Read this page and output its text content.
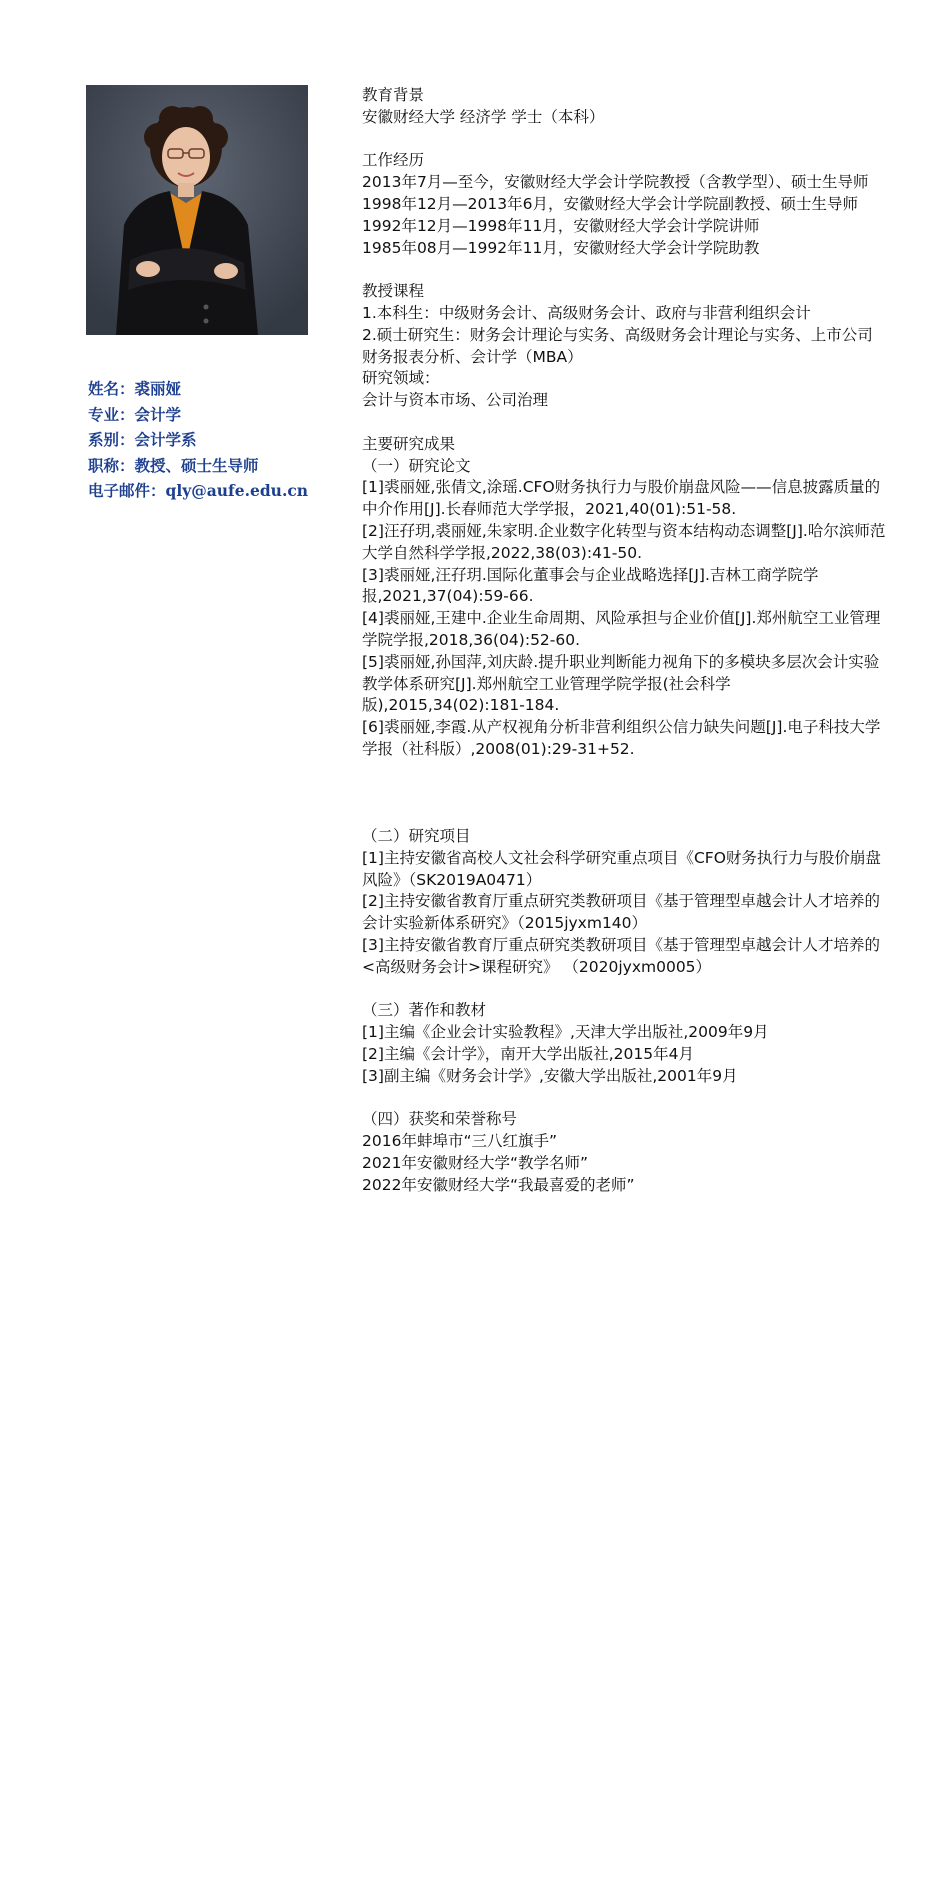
姓名：裘丽娅
专业：会计学
系别：会计学系
职称：教授、硕士生导师
电子邮件：qly@aufe.edu.cn
教育背景
安徽财经大学 经济学 学士（本科）
工作经历
2013年7月—至今，安徽财经大学会计学院教授（含教学型）、硕士生导师
1998年12月—2013年6月，安徽财经大学会计学院副教授、硕士生导师
1992年12月—1998年11月，安徽财经大学会计学院讲师
1985年08月—1992年11月，安徽财经大学会计学院助教
教授课程
1.本科生：中级财务会计、高级财务会计、政府与非营利组织会计
2.硕士研究生：财务会计理论与实务、高级财务会计理论与实务、上市公司财务报表分析、会计学（MBA）
研究领域：
会计与资本市场、公司治理
主要研究成果
（一）研究论文
[1]裘丽娅,张倩文,涂瑶.CFO财务执行力与股价崩盘风险——信息披露质量的中介作用[J].长春师范大学学报，2021,40(01):51-58.
[2]汪孖玥,裘丽娅,朱家明.企业数字化转型与资本结构动态调整[J].哈尔滨师范大学自然科学学报,2022,38(03):41-50.
[3]裘丽娅,汪孖玥.国际化董事会与企业战略选择[J].吉林工商学院学报,2021,37(04):59-66.
[4]裘丽娅,王建中.企业生命周期、风险承担与企业价值[J].郑州航空工业管理学院学报,2018,36(04):52-60.
[5]裘丽娅,孙国萍,刘庆龄.提升职业判断能力视角下的多模块多层次会计实验教学体系研究[J].郑州航空工业管理学院学报(社会科学版),2015,34(02):181-184.
[6]裘丽娅,李霞.从产权视角分析非营利组织公信力缺失问题[J].电子科技大学学报（社科版）,2008(01):29-31+52.
（二）研究项目
[1]主持安徽省高校人文社会科学研究重点项目《CFO财务执行力与股价崩盘风险》（SK2019A0471）
[2]主持安徽省教育厅重点研究类教研项目《基于管理型卓越会计人才培养的会计实验新体系研究》（2015jyxm140）
[3]主持安徽省教育厅重点研究类教研项目《基于管理型卓越会计人才培养的<高级财务会计>课程研究》 （2020jyxm0005）
（三）著作和教材
[1]主编《企业会计实验教程》,天津大学出版社,2009年9月
[2]主编《会计学》，南开大学出版社,2015年4月
[3]副主编《财务会计学》,安徽大学出版社,2001年9月
（四）获奖和荣誉称号
2016年蚌埠市“三八红旗手”
2021年安徽财经大学“教学名师”
2022年安徽财经大学“我最喜爱的老师”
